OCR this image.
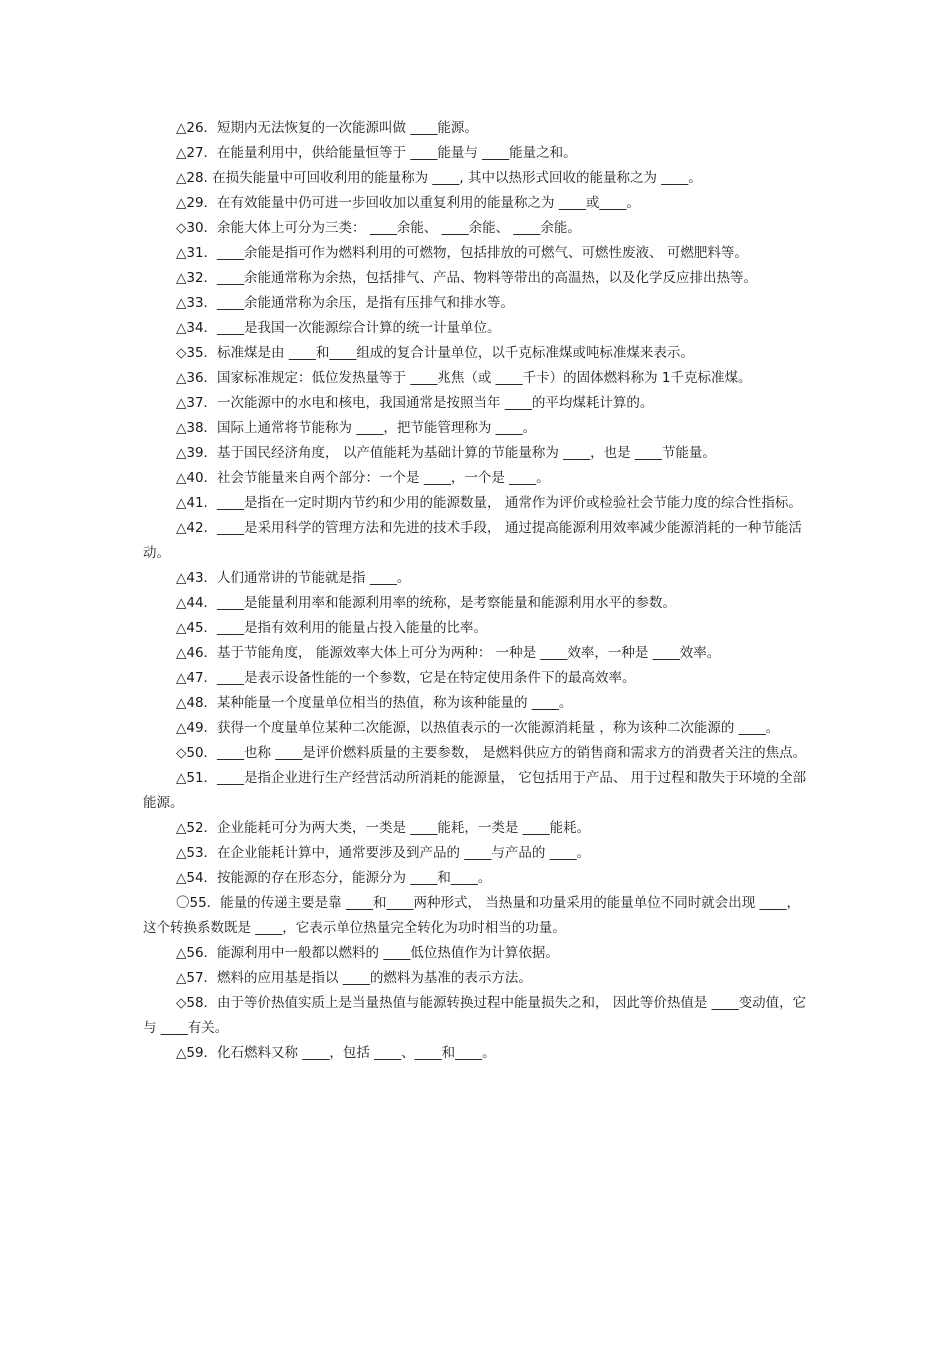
△26．短期内无法恢复的一次能源叫做 ____能源。

△27．在能量利用中，供给能量恒等于 ____能量与 ____能量之和。

△28. 在损失能量中可回收利用的能量称为 ____, 其中以热形式回收的能量称之为 ____。

△29．在有效能量中仍可进一步回收加以重复利用的能量称之为 ____或____。

◇30．余能大体上可分为三类： ____余能、 ____余能、 ____余能。

△31．____余能是指可作为燃料利用的可燃物，包括排放的可燃气、可燃性废液、 可燃肥料等。

△32．____余能通常称为余热，包括排气、产品、物料等带出的高温热，以及化学反应排出热等。

△33．____余能通常称为余压，是指有压排气和排水等。

△34．____是我国一次能源综合计算的统一计量单位。

◇35．标准煤是由 ____和____组成的复合计量单位，以千克标准煤或吨标准煤来表示。

△36．国家标准规定：低位发热量等于 ____兆焦（或 ____千卡）的固体燃料称为 1千克标准煤。

△37．一次能源中的水电和核电，我国通常是按照当年 ____的平均煤耗计算的。

△38．国际上通常将节能称为 ____，把节能管理称为 ____。

△39．基于国民经济角度， 以产值能耗为基础计算的节能量称为 ____，也是 ____节能量。

△40．社会节能量来自两个部分：一个是 ____，一个是 ____。

△41．____是指在一定时期内节约和少用的能源数量， 通常作为评价或检验社会节能力度的综合性指标。

△42．____是采用科学的管理方法和先进的技术手段， 通过提高能源利用效率减少能源消耗的一种节能活动。

△43．人们通常讲的节能就是指 ____。

△44．____是能量利用率和能源利用率的统称，是考察能量和能源利用水平的参数。

△45．____是指有效利用的能量占投入能量的比率。

△46．基于节能角度， 能源效率大体上可分为两种： 一种是 ____效率，一种是 ____效率。

△47．____是表示设备性能的一个参数，它是在特定使用条件下的最高效率。

△48．某种能量一个度量单位相当的热值，称为该种能量的 ____。

△49．获得一个度量单位某种二次能源，以热值表示的一次能源消耗量 ，称为该种二次能源的 ____。

◇50．____也称 ____是评价燃料质量的主要参数， 是燃料供应方的销售商和需求方的消费者关注的焦点。

△51．____是指企业进行生产经营活动所消耗的能源量， 它包括用于产品、 用于过程和散失于环境的全部能源。

△52．企业能耗可分为两大类，一类是 ____能耗，一类是 ____能耗。

△53．在企业能耗计算中，通常要涉及到产品的 ____与产品的 ____。

△54．按能源的存在形态分，能源分为 ____和____。

〇55．能量的传递主要是靠 ____和____两种形式， 当热量和功量采用的能量单位不同时就会出现 ____，这个转换系数既是 ____，它表示单位热量完全转化为功时相当的功量。

△56．能源利用中一般都以燃料的 ____低位热值作为计算依据。

△57．燃料的应用基是指以 ____的燃料为基准的表示方法。

◇58．由于等价热值实质上是当量热值与能源转换过程中能量损失之和， 因此等价热值是 ____变动值，它与 ____有关。

△59．化石燃料又称 ____，包括 ____、____和____。
